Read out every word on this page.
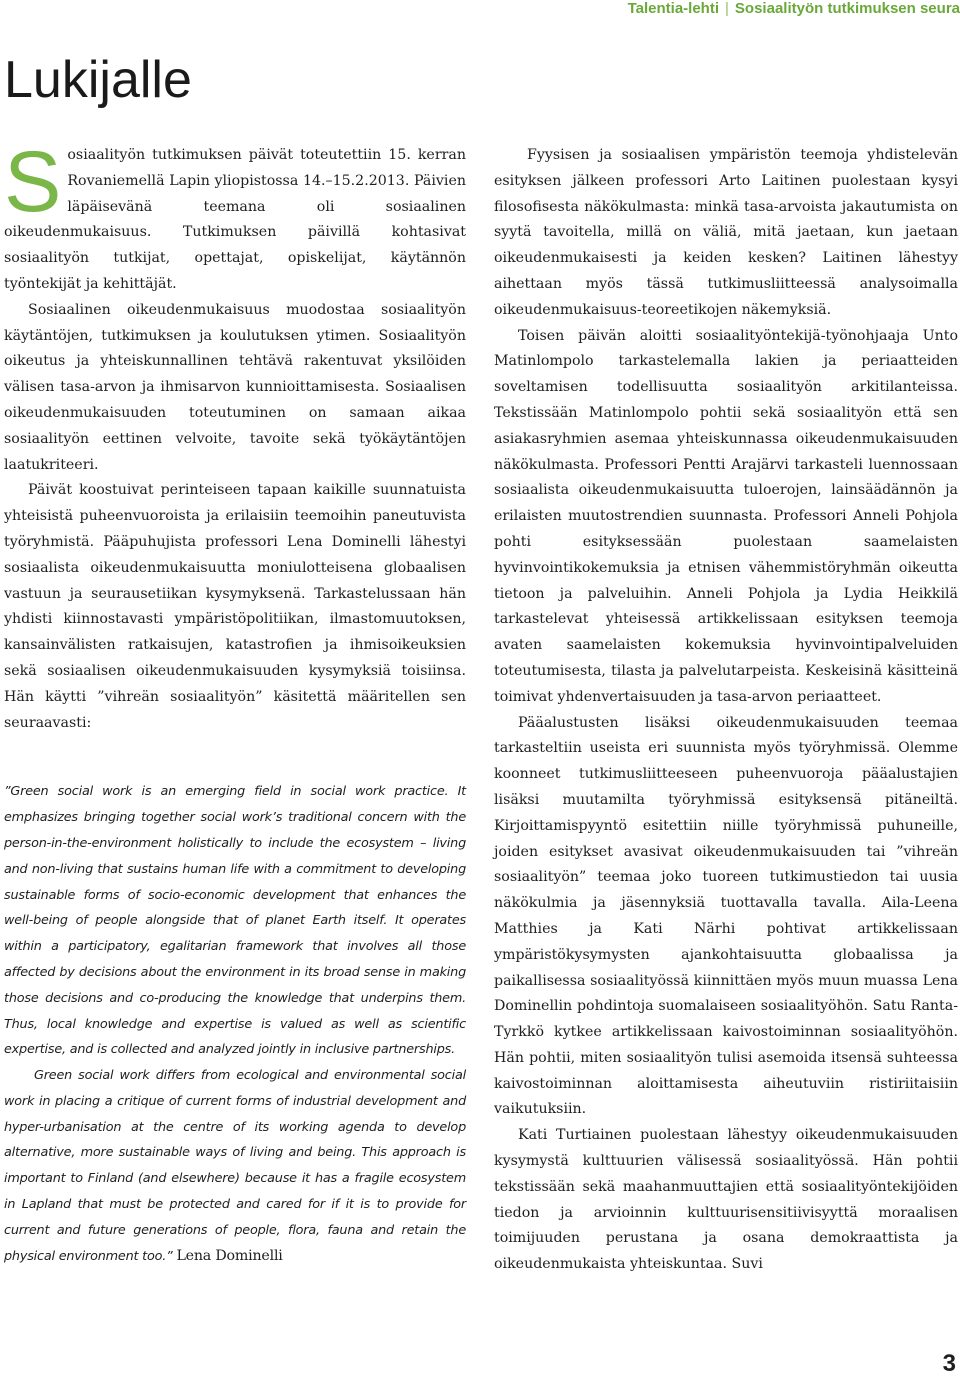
Talentia-lehti | Sosiaalityön tutkimuksen seura
Lukijalle

Sosiaalityön tutkimuksen päivät toteutettiin 15. kerran Rovaniemellä Lapin yliopistossa 14.–15.2.2013. Päivien läpäisevänä teemana oli sosiaalinen oikeudenmukaisuus. Tutkimuksen päivillä kohtasivat sosiaalityön tutkijat, opettajat, opiskelijat, käytännön työntekijät ja kehittäjät.

Sosiaalinen oikeudenmukaisuus muodostaa sosiaalityön käytäntöjen, tutkimuksen ja koulutuksen ytimen. Sosiaalityön oikeutus ja yhteiskunnallinen tehtävä rakentuvat yksilöiden välisen tasa-arvon ja ihmisarvon kunnioittamisesta. Sosiaalisen oikeudenmukaisuuden toteutuminen on samaan aikaa sosiaalityön eettinen velvoite, tavoite sekä työkäytäntöjen laatukriteeri.

Päivät koostuivat perinteiseen tapaan kaikille suunnatuista yhteisistä puheenvuoroista ja erilaisiin teemoihin paneutuvista työryhmistä. Pääpuhujista professori Lena Dominelli lähestyi sosiaalista oikeudenmukaisuutta moniulotteisena globaalisen vastuun ja seurausetiikan kysymyksenä. Tarkastelussaan hän yhdisti kiinnostavasti ympäristöpolitiikan, ilmastomuutoksen, kansainvälisten ratkaisujen, katastrofien ja ihmisoikeuksien sekä sosiaalisen oikeudenmukaisuuden kysymyksiä toisiinsa. Hän käytti ”vihreän sosiaalityön” käsitettä määritellen sen seuraavasti:

”Green social work is an emerging field in social work practice. It emphasizes bringing together social work’s traditional concern with the person-in-the-environment holistically to include the ecosystem – living and non-living that sustains human life with a commitment to developing sustainable forms of socio-economic development that enhances the well-being of people alongside that of planet Earth itself. It operates within a participatory, egalitarian framework that involves all those affected by decisions about the environment in its broad sense in making those decisions and co-producing the knowledge that underpins them. Thus, local knowledge and expertise is valued as well as scientific expertise, and is collected and analyzed jointly in inclusive partnerships.

Green social work differs from ecological and environmental social work in placing a critique of current forms of industrial development and hyper-urbanisation at the centre of its working agenda to develop alternative, more sustainable ways of living and being. This approach is important to Finland (and elsewhere) because it has a fragile ecosystem in Lapland that must be protected and cared for if it is to provide for current and future generations of people, flora, fauna and retain the physical environment too.” Lena Dominelli

Fyysisen ja sosiaalisen ympäristön teemoja yhdistelevän esityksen jälkeen professori Arto Laitinen puolestaan kysyi filosofisesta näkökulmasta: minkä tasa-arvoista jakautumista on syytä tavoitella, millä on väliä, mitä jaetaan, kun jaetaan oikeudenmukaisesti ja keiden kesken? Laitinen lähestyy aihettaan myös tässä tutkimusliitteessä analysoimalla oikeudenmukaisuus-teoreetikojen näkemyksiä.

Toisen päivän aloitti sosiaalityöntekijä-työnohjaaja Unto Matinlompolo tarkastelemalla lakien ja periaatteiden soveltamisen todellisuutta sosiaalityön arkitilanteissa. Tekstissään Matinlompolo pohtii sekä sosiaalityön että sen asiakasryhmien asemaa yhteiskunnassa oikeudenmukaisuuden näkökulmasta. Professori Pentti Arajärvi tarkasteli luennossaan sosiaalista oikeudenmukaisuutta tuloerojen, lainsäädännön ja erilaisten muutostrendien suunnasta. Professori Anneli Pohjola pohti esityksessään puolestaan saamelaisten hyvinvointikokemuksia ja etnisen vähemmistöryhmän oikeutta tietoon ja palveluihin. Anneli Pohjola ja Lydia Heikkilä tarkastelevat yhteisessä artikkelissaan esityksen teemoja avaten saamelaisten kokemuksia hyvinvointipalveluiden toteutumisesta, tilasta ja palvelutarpeista. Keskeisinä käsitteinä toimivat yhdenvertaisuuden ja tasa-arvon periaatteet.

Pääalustusten lisäksi oikeudenmukaisuuden teemaa tarkasteltiin useista eri suunnista myös työryhmissä. Olemme koonneet tutkimusliitteeseen puheenvuoroja pääalustajien lisäksi muutamilta työryhmissä esityksensä pitäneiltä. Kirjoittamispyyntö esitettiin niille työryhmissä puhuneille, joiden esitykset avasivat oikeudenmukaisuuden tai ”vihreän sosiaalityön” teemaa joko tuoreen tutkimustiedon tai uusia näkökulmia ja jäsennyksiä tuottavalla tavalla. Aila-Leena Matthies ja Kati Närhi pohtivat artikkelissaan ympäristökysymysten ajankohtaisuutta globaalissa ja paikallisessa sosiaalityössä kiinnittäen myös muun muassa Lena Dominellin pohdintoja suomalaiseen sosiaalityöhön. Satu Ranta-Tyrkkö kytkee artikkelissaan kaivostoiminnan sosiaalityöhön. Hän pohtii, miten sosiaalityön tulisi asemoida itsensä suhteessa kaivostoiminnan aloittamisesta aiheutuviin ristiriitaisiin vaikutuksiin.

Kati Turtiainen puolestaan lähestyy oikeudenmukaisuuden kysymystä kulttuurien välisessä sosiaalityössä. Hän pohtii tekstissään sekä maahanmuuttajien että sosiaalityöntekijöiden tiedon ja arvioinnin kulttuurisensitiivisyyttä moraalisen toimijuuden perustana ja osana demokraattista ja oikeudenmukaista yhteiskuntaa. Suvi

3
